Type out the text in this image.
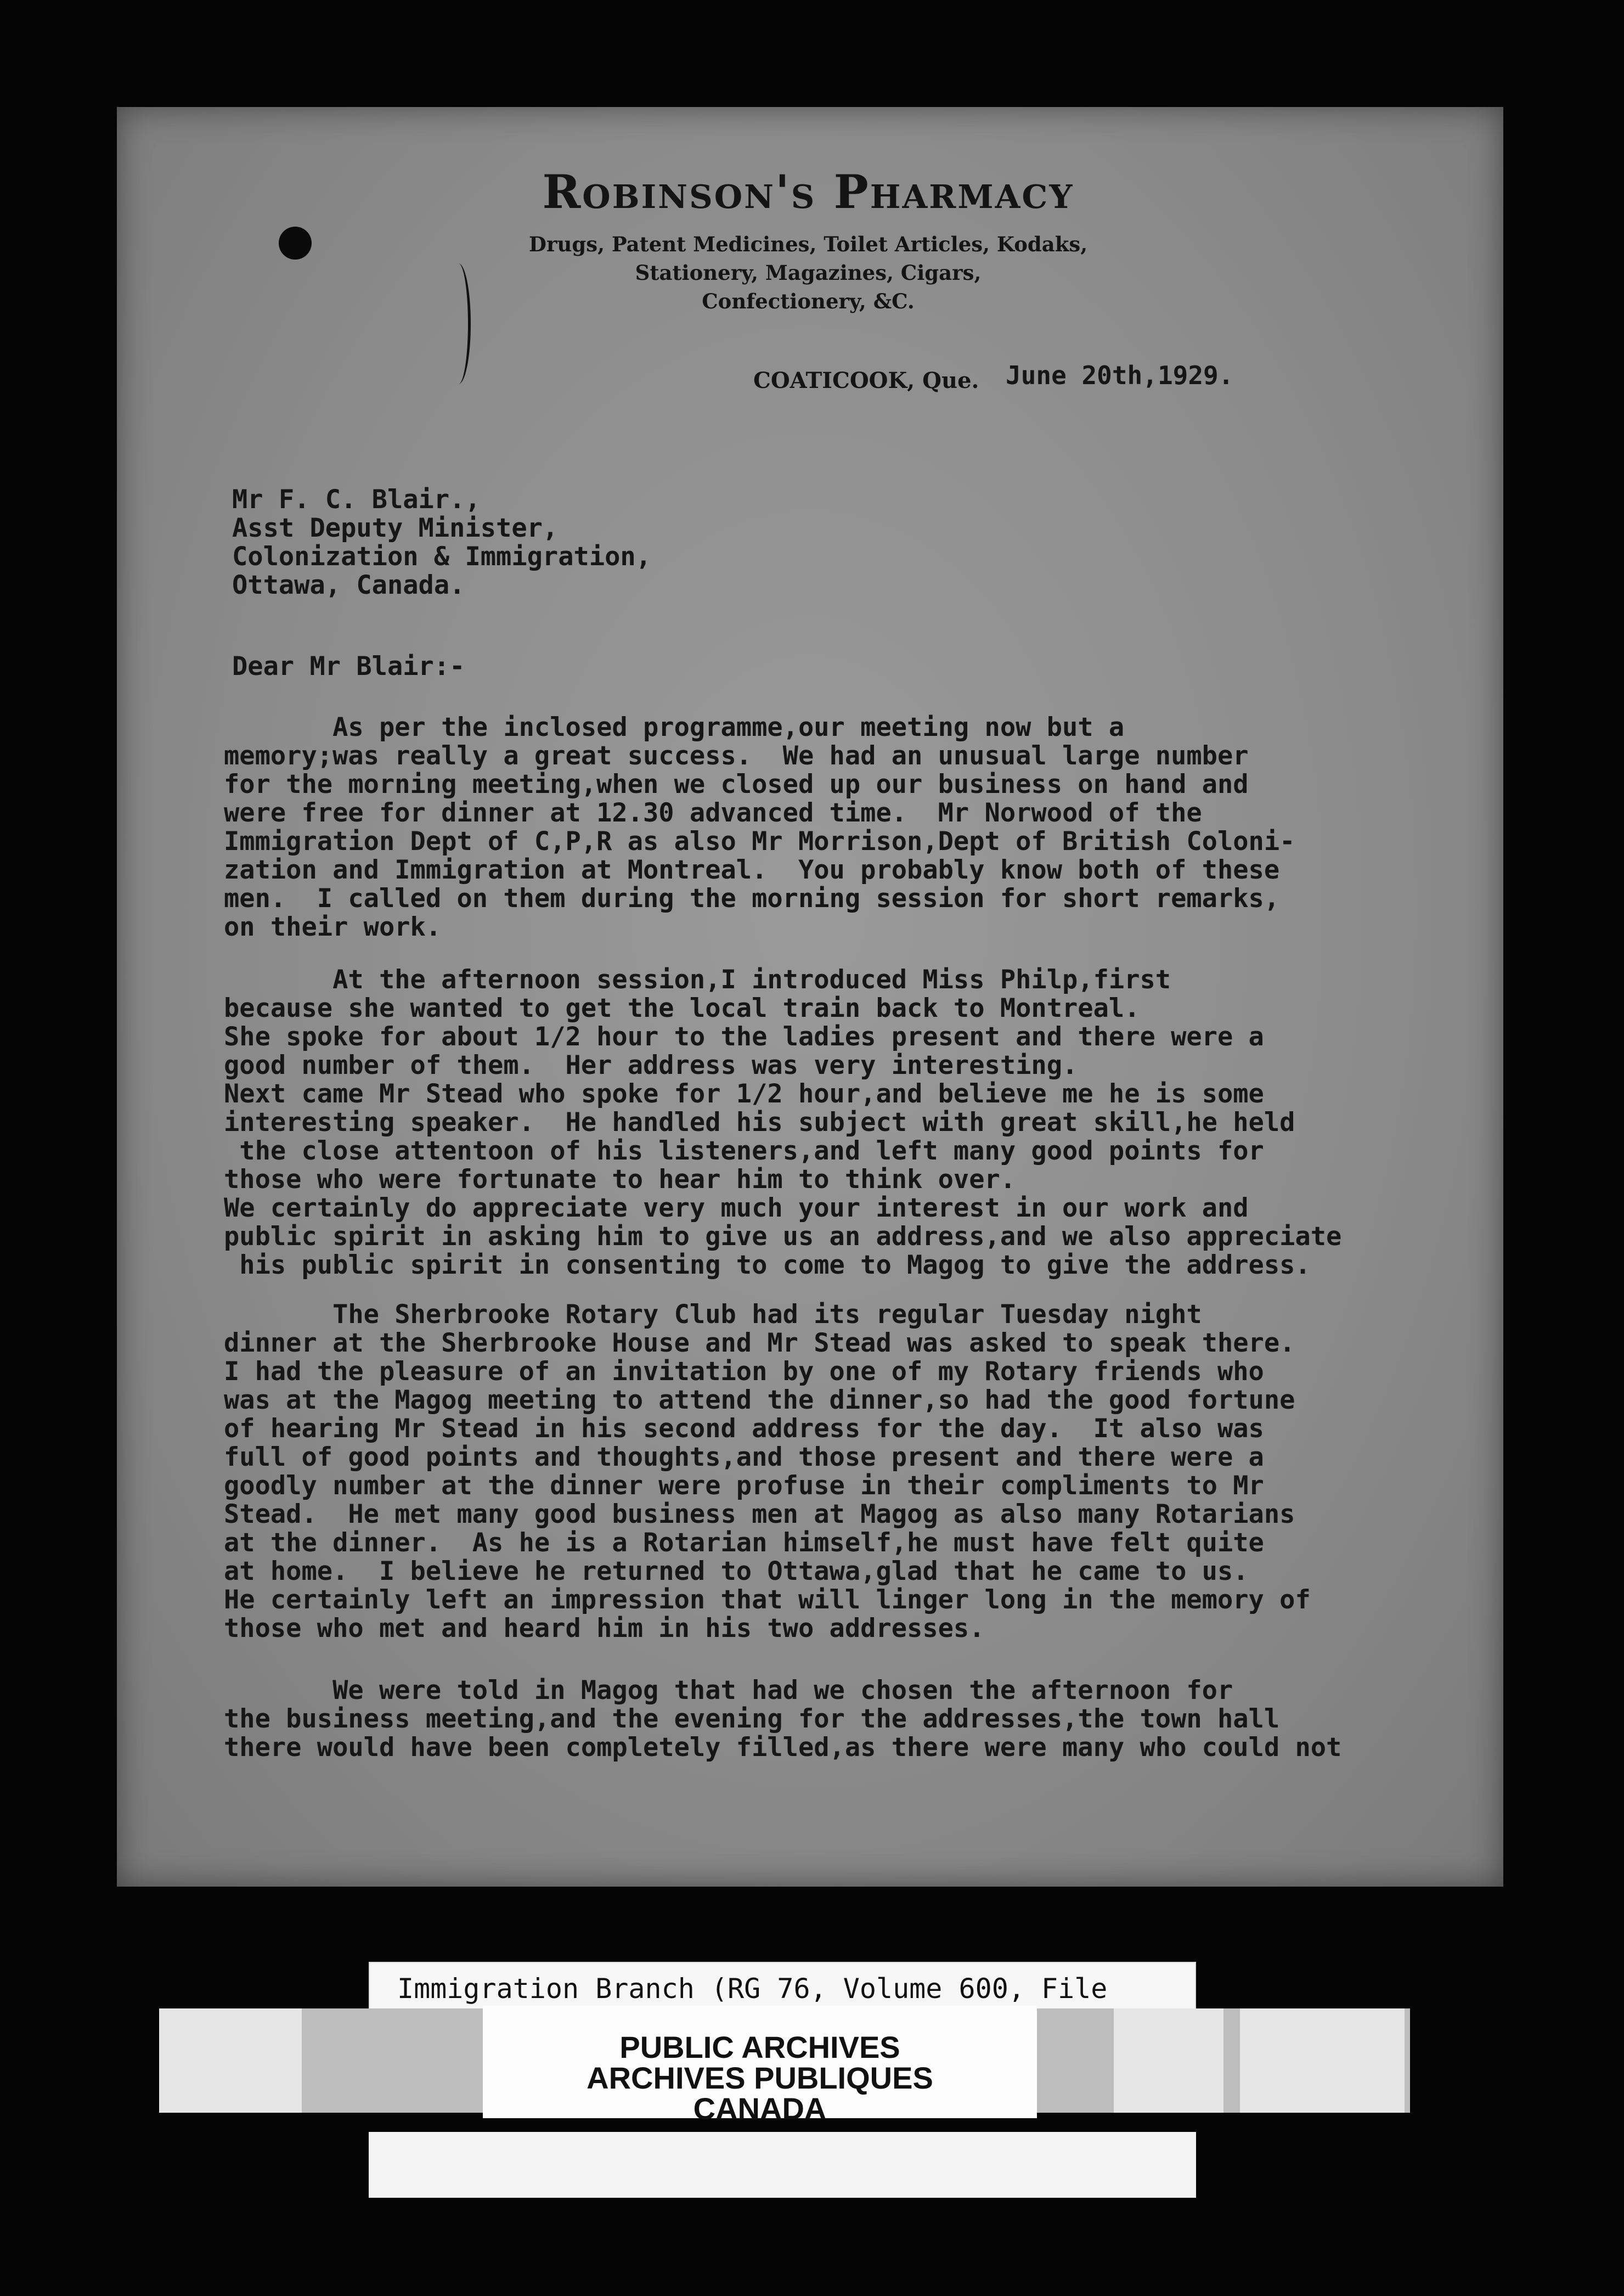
Robinson's Pharmacy
Drugs, Patent Medicines, Toilet Articles, Kodaks,
Stationery, Magazines, Cigars,
Confectionery, &C.
COATICOOK, Que. June 20th,1929.
Mr F. C. Blair.,
Asst Deputy Minister,
Colonization & Immigration,
Ottawa, Canada.
Dear Mr Blair:-
As per the inclosed programme,our meeting now but a
memory;was really a great success.  We had an unusual large number
for the morning meeting,when we closed up our business on hand and
were free for dinner at 12.30 advanced time.  Mr Norwood of the
Immigration Dept of C,P,R as also Mr Morrison,Dept of British Coloni-
zation and Immigration at Montreal.  You probably know both of these
men.  I called on them during the morning session for short remarks,
on their work.
At the afternoon session,I introduced Miss Philp,first
because she wanted to get the local train back to Montreal.
She spoke for about 1/2 hour to the ladies present and there were a
good number of them.  Her address was very interesting.
Next came Mr Stead who spoke for 1/2 hour,and believe me he is some
interesting speaker.  He handled his subject with great skill,he held
the close attentoon of his listeners,and left many good points for
those who were fortunate to hear him to think over.
We certainly do appreciate very much your interest in our work and
public spirit in asking him to give us an address,and we also appreciate
his public spirit in consenting to come to Magog to give the address.
The Sherbrooke Rotary Club had its regular Tuesday night
dinner at the Sherbrooke House and Mr Stead was asked to speak there.
I had the pleasure of an invitation by one of my Rotary friends who
was at the Magog meeting to attend the dinner,so had the good fortune
of hearing Mr Stead in his second address for the day.  It also was
full of good points and thoughts,and those present and there were a
goodly number at the dinner were profuse in their compliments to Mr
Stead.  He met many good business men at Magog as also many Rotarians
at the dinner.  As he is a Rotarian himself,he must have felt quite
at home.  I believe he returned to Ottawa,glad that he came to us.
He certainly left an impression that will linger long in the memory of
those who met and heard him in his two addresses.
We were told in Magog that had we chosen the afternoon for
the business meeting,and the evening for the addresses,the town hall
there would have been completely filled,as there were many who could not
Immigration Branch (RG 76, Volume 600, File
PUBLIC ARCHIVES
ARCHIVES PUBLIQUES
CANADA
